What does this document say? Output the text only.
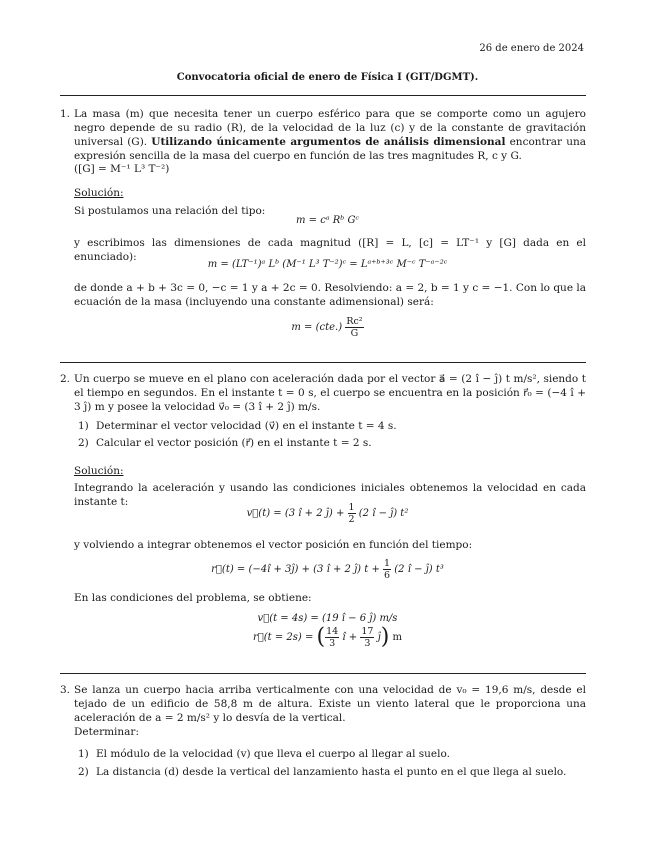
26 de enero de 2024
Convocatoria oficial de enero de Física I (GIT/DGMT).
1. La masa (m) que necesita tener un cuerpo esférico para que se comporte como un agujero negro depende de su radio (R), de la velocidad de la luz (c) y de la constante de gravitación universal (G). Utilizando únicamente argumentos de análisis dimensional encontrar una expresión sencilla de la masa del cuerpo en función de las tres magnitudes R, c y G.
([G] = M⁻¹ L³ T⁻²)
Solución:
Si postulamos una relación del tipo:
m = cᵃ Rᵇ Gᶜ
y escribimos las dimensiones de cada magnitud ([R] = L, [c] = LT⁻¹ y [G] dada en el enunciado):
m = (LT⁻¹)ᵃ Lᵇ (M⁻¹ L³ T⁻²)ᶜ = Lᵃ⁺ᵇ⁺³ᶜ M⁻ᶜ T⁻ᵃ⁻²ᶜ
de donde a + b + 3c = 0, −c = 1 y a + 2c = 0. Resolviendo: a = 2, b = 1 y c = −1. Con lo que la ecuación de la masa (incluyendo una constante adimensional) será:
$m = (cte.) \frac{\text{Rc²}}{G}$
2. Un cuerpo se mueve en el plano con aceleración dada por el vector a⃗ = (2 î − ĵ) t m/s², siendo t el tiempo en segundos. En el instante t = 0 s, el cuerpo se encuentra en la posición r⃗₀ = (−4 î + 3 ĵ) m y posee la velocidad v⃗₀ = (3 î + 2 ĵ) m/s.
1) Determinar el vector velocidad (v⃗) en el instante t = 4 s.
2) Calcular el vector posición (r⃗) en el instante t = 2 s.
Solución:
Integrando la aceleración y usando las condiciones iniciales obtenemos la velocidad en cada instante t:
v⃗(t) = (3 î + 2 ĵ) + $\frac{1}{2} (2$ î − ĵ) t²
y volviendo a integrar obtenemos el vector posición en función del tiempo:
r⃗(t) = (−4î + 3ĵ) + (3 î + 2 ĵ) $t + \frac{1}{6} (2$ î − ĵ) t³
En las condiciones del problema, se obtiene:
v⃗(t = 4s) = (19 î − 6 ĵ) m/s
r⃗(t = 2s) = ( $\frac{14}{3}$ î + $\frac{17}{3}$ ĵ) m
3. Se lanza un cuerpo hacia arriba verticalmente con una velocidad de v₀ = 19,6 m/s, desde el tejado de un edificio de 58,8 m de altura. Existe un viento lateral que le proporciona una aceleración de a = 2 m/s² y lo desvía de la vertical.
Determinar:
1) El módulo de la velocidad (v) que lleva el cuerpo al llegar al suelo.
2) La distancia (d) desde la vertical del lanzamiento hasta el punto en el que llega al suelo.
